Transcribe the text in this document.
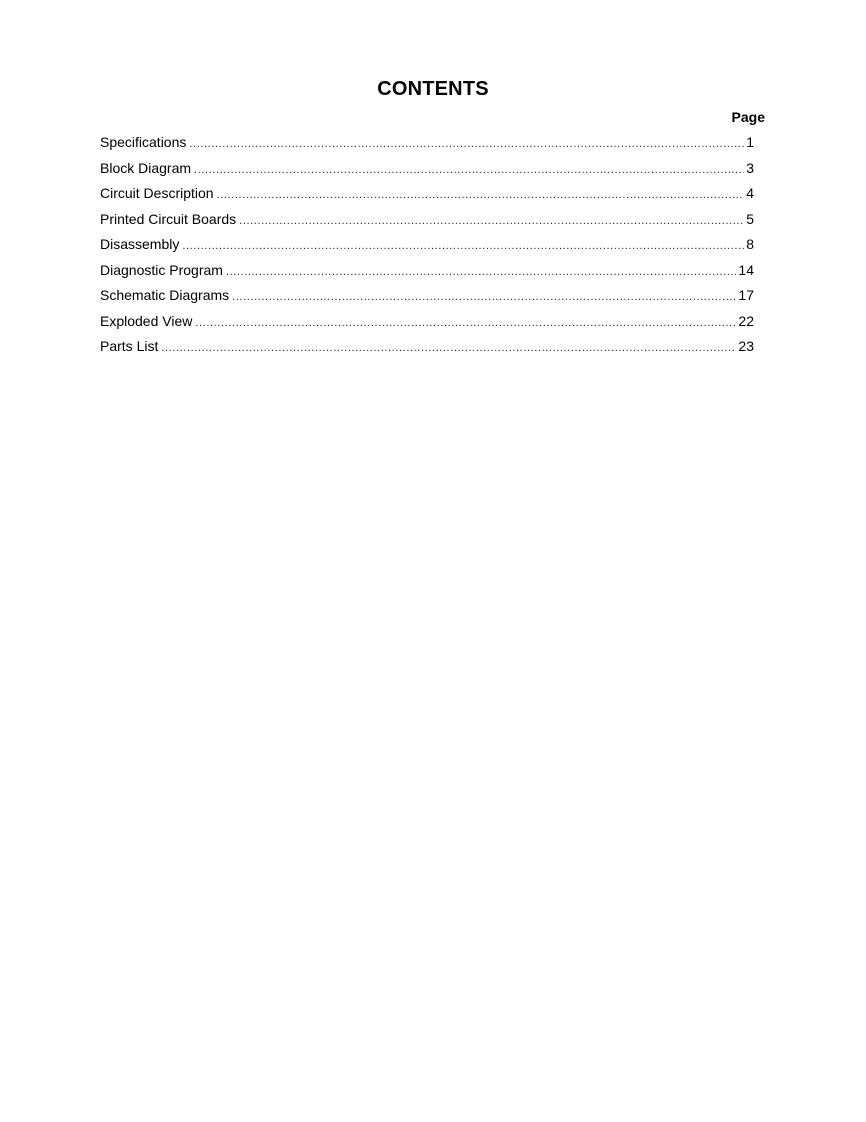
CONTENTS
Page
Specifications .....	1
Block Diagram .....	3
Circuit Description .....	4
Printed Circuit Boards .....	5
Disassembly .....	8
Diagnostic Program .....	14
Schematic Diagrams .....	17
Exploded View .....	22
Parts List .....	23
